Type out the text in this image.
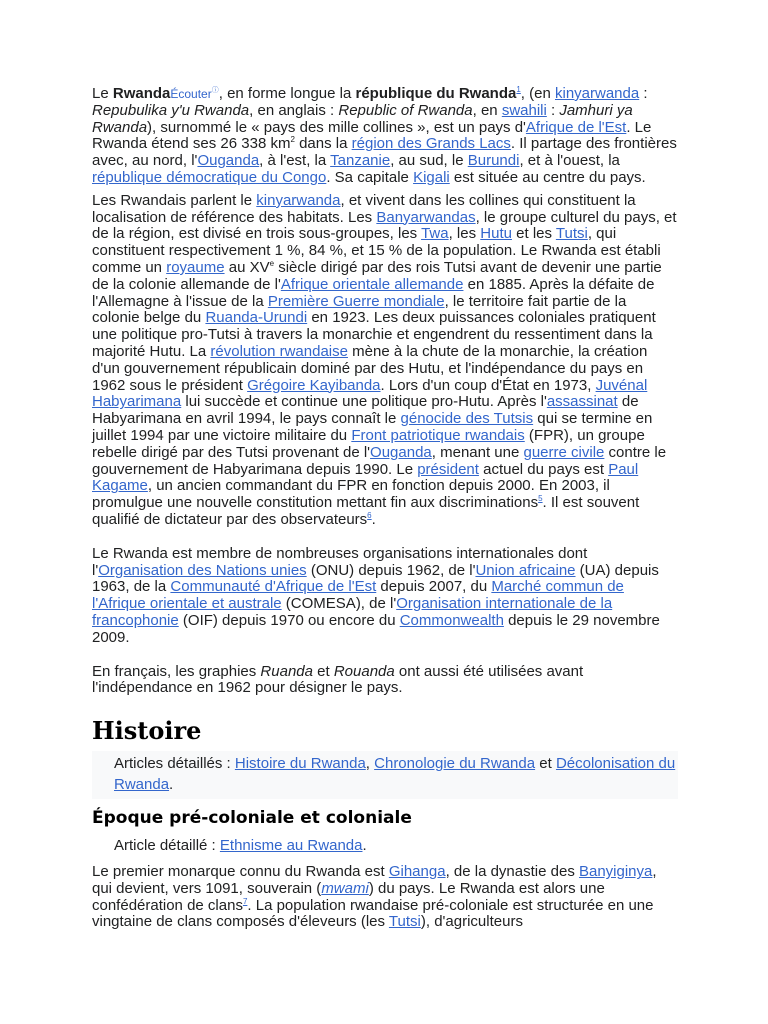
Le RwandaÉcouterⓘ, en forme longue la république du Rwanda$^1$, (en kinyarwanda : Repubulika y'u Rwanda, en anglais : Republic of Rwanda, en swahili : Jamhuri ya Rwanda), surnommé le « pays des mille collines », est un pays d'Afrique de l'Est. Le Rwanda étend ses 26 338 $km^2$ dans la région des Grands Lacs. Il partage des frontières avec, au nord, l'Ouganda, à l'est, la Tanzanie, au sud, le Burundi, et à l'ouest, la république démocratique du Congo. Sa capitale Kigali est située au centre du pays.

Les Rwandais parlent le kinyarwanda, et vivent dans les collines qui constituent la localisation de référence des habitats. Les Banyarwandas, le groupe culturel du pays, et de la région, est divisé en trois sous-groupes, les Twa, les Hutu et les Tutsi, qui constituent respectivement 1 %, 84 %, et 15 % de la population. Le Rwanda est établi comme un royaume au XVe siècle dirigé par des rois Tutsi avant de devenir une partie de la colonie allemande de l'Afrique orientale allemande en 1885. Après la défaite de l'Allemagne à l'issue de la Première Guerre mondiale, le territoire fait partie de la colonie belge du Ruanda-Urundi en 1923. Les deux puissances coloniales pratiquent une politique pro-Tutsi à travers la monarchie et engendrent du ressentiment dans la majorité Hutu. La révolution rwandaise mène à la chute de la monarchie, la création d'un gouvernement républicain dominé par des Hutu, et l'indépendance du pays en 1962 sous le président Grégoire Kayibanda. Lors d'un coup d'État en 1973, Juvénal Habyarimana lui succède et continue une politique pro-Hutu. Après l'assassinat de Habyarimana en avril 1994, le pays connaît le génocide des Tutsis qui se termine en juillet 1994 par une victoire militaire du Front patriotique rwandais (FPR), un groupe rebelle dirigé par des Tutsi provenant de l'Ouganda, menant une guerre civile contre le gouvernement de Habyarimana depuis 1990. Le président actuel du pays est Paul Kagame, un ancien commandant du FPR en fonction depuis 2000. En 2003, il promulgue une nouvelle constitution mettant fin aux discriminations$^5$. Il est souvent qualifié de dictateur par des observateurs$^6$.

Le Rwanda est membre de nombreuses organisations internationales dont l'Organisation des Nations unies (ONU) depuis 1962, de l'Union africaine (UA) depuis 1963, de la Communauté d'Afrique de l'Est depuis 2007, du Marché commun de l'Afrique orientale et australe (COMESA), de l'Organisation internationale de la francophonie (OIF) depuis 1970 ou encore du Commonwealth depuis le 29 novembre 2009.

En français, les graphies Ruanda et Rouanda ont aussi été utilisées avant l'indépendance en 1962 pour désigner le pays.

Histoire
Articles détaillés : Histoire du Rwanda, Chronologie du Rwanda et Décolonisation du Rwanda.
Époque pré-coloniale et coloniale
Article détaillé : Ethnisme au Rwanda.

Le premier monarque connu du Rwanda est Gihanga, de la dynastie des Banyiginya, qui devient, vers 1091, souverain (mwami) du pays. Le Rwanda est alors une confédération de clans$^7$. La population rwandaise pré-coloniale est structurée en une vingtaine de clans composés d'éleveurs (les Tutsi), d'agriculteurs
